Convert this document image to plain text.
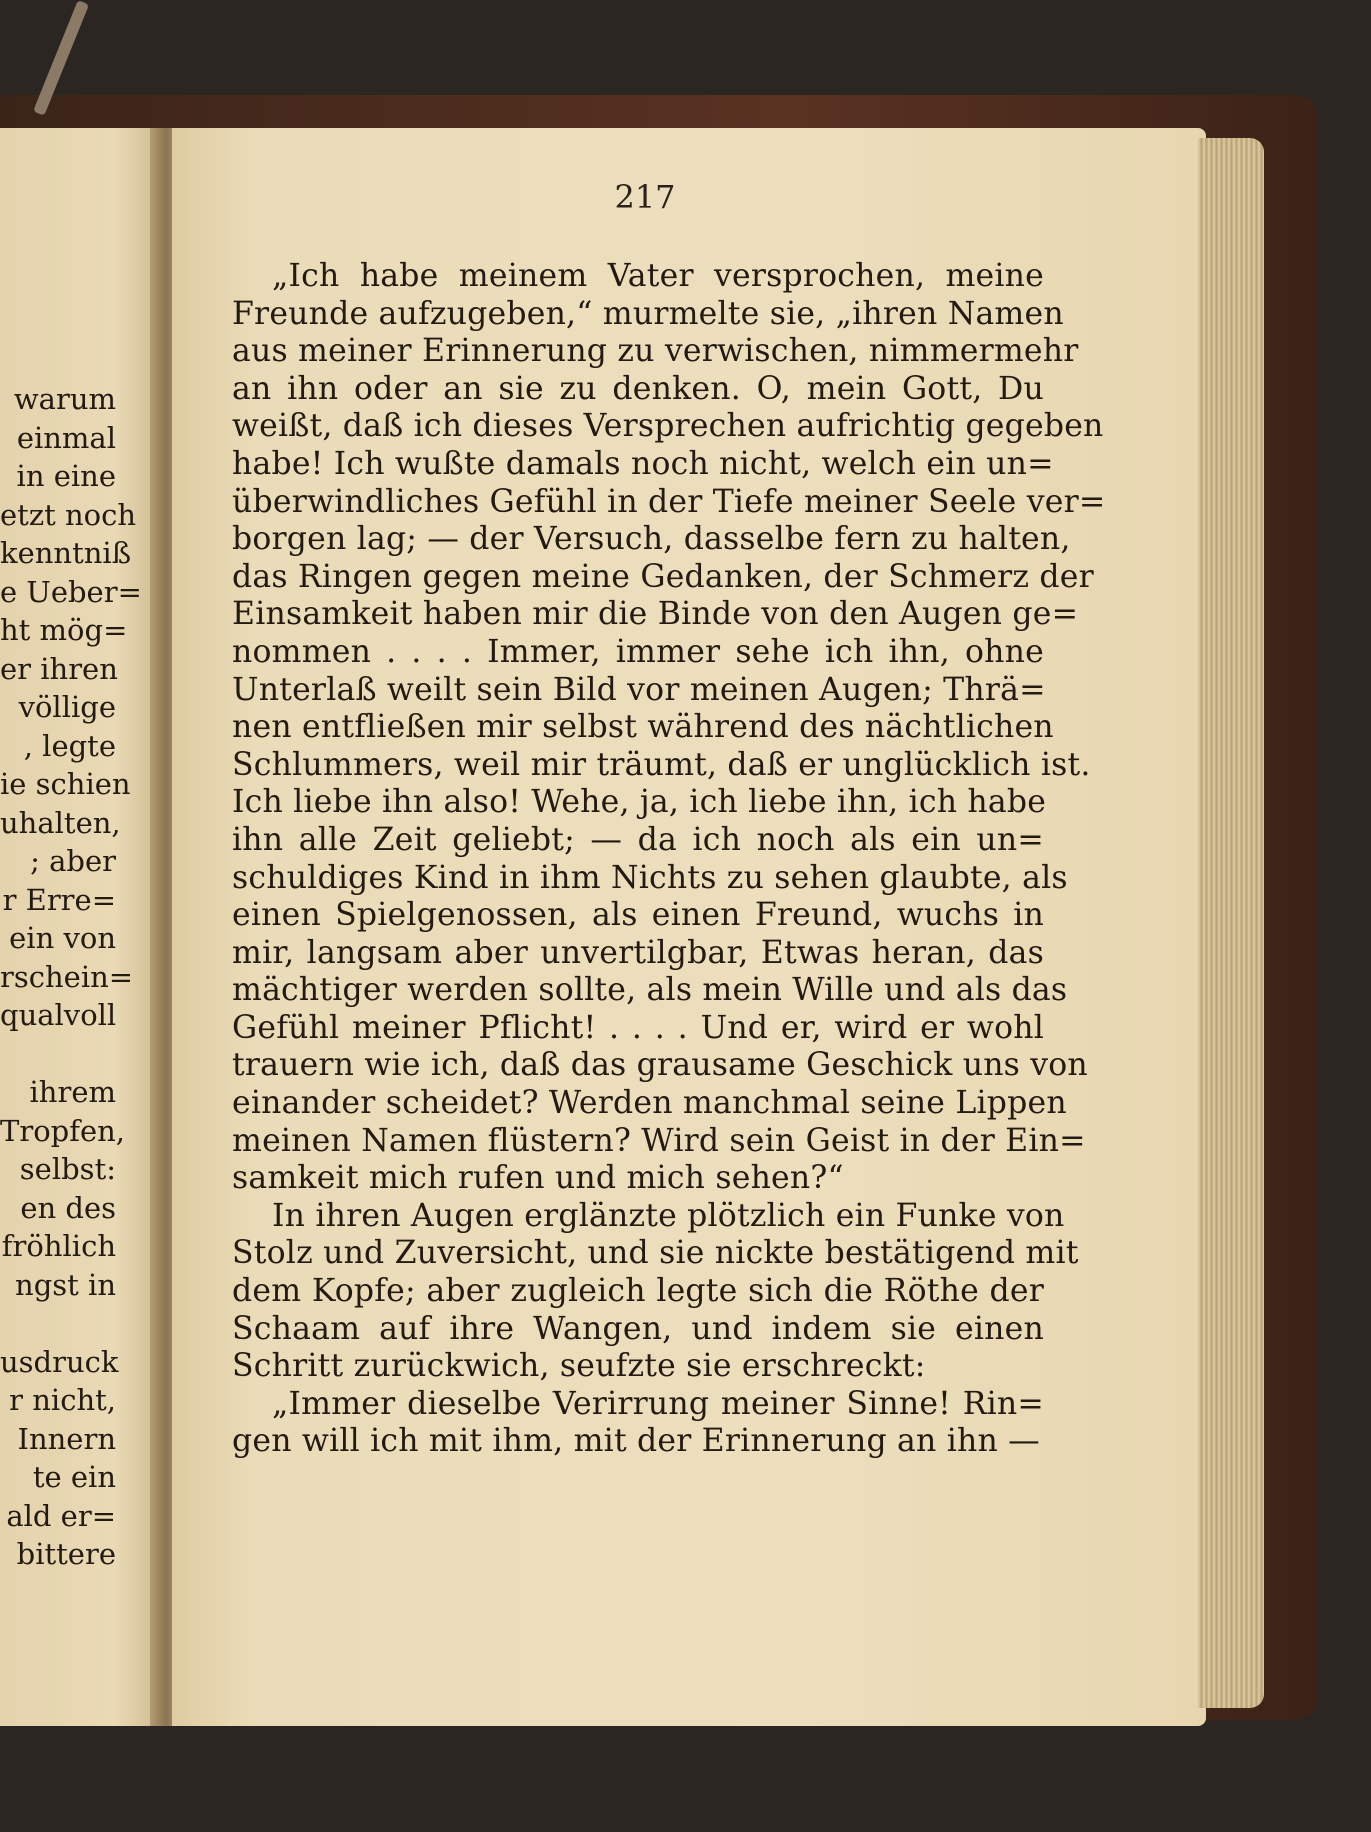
warum
einmal
in eine
etzt noch
kenntniß
e Ueber=
ht mög=
er ihren
völlige
, legte
ie schien
uhalten,
; aber
r Erre=
ein von
rschein=
qualvoll
ihrem
Tropfen,
selbst:
en des
fröhlich
ngst in
usdruck
r nicht,
Innern
te ein
ald er=
bittere
217
„Ich habe meinem Vater versprochen, meine
Freunde aufzugeben,“ murmelte sie, „ihren Namen
aus meiner Erinnerung zu verwischen, nimmermehr
an ihn oder an sie zu denken. O, mein Gott, Du
weißt, daß ich dieses Versprechen aufrichtig gegeben
habe! Ich wußte damals noch nicht, welch ein un=
überwindliches Gefühl in der Tiefe meiner Seele ver=
borgen lag; — der Versuch, dasselbe fern zu halten,
das Ringen gegen meine Gedanken, der Schmerz der
Einsamkeit haben mir die Binde von den Augen ge=
nommen . . . . Immer, immer sehe ich ihn, ohne
Unterlaß weilt sein Bild vor meinen Augen; Thrä=
nen entfließen mir selbst während des nächtlichen
Schlummers, weil mir träumt, daß er unglücklich ist.
Ich liebe ihn also! Wehe, ja, ich liebe ihn, ich habe
ihn alle Zeit geliebt; — da ich noch als ein un=
schuldiges Kind in ihm Nichts zu sehen glaubte, als
einen Spielgenossen, als einen Freund, wuchs in
mir, langsam aber unvertilgbar, Etwas heran, das
mächtiger werden sollte, als mein Wille und als das
Gefühl meiner Pflicht! . . . . Und er, wird er wohl
trauern wie ich, daß das grausame Geschick uns von
einander scheidet? Werden manchmal seine Lippen
meinen Namen flüstern? Wird sein Geist in der Ein=
samkeit mich rufen und mich sehen?“
In ihren Augen erglänzte plötzlich ein Funke von
Stolz und Zuversicht, und sie nickte bestätigend mit
dem Kopfe; aber zugleich legte sich die Röthe der
Schaam auf ihre Wangen, und indem sie einen
Schritt zurückwich, seufzte sie erschreckt:
„Immer dieselbe Verirrung meiner Sinne! Rin=
gen will ich mit ihm, mit der Erinnerung an ihn —
